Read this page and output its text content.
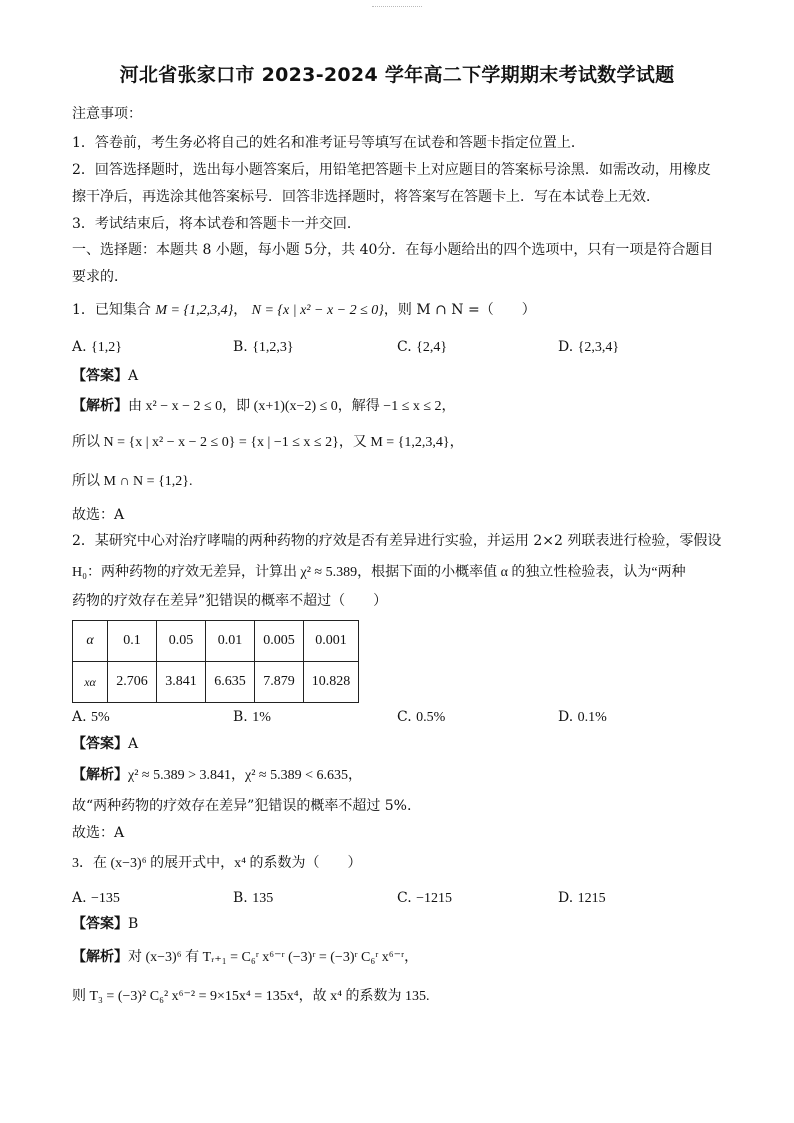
河北省张家口市 2023-2024 学年高二下学期期末考试数学试题
注意事项：
1．答卷前，考生务必将自己的姓名和准考证号等填写在试卷和答题卡指定位置上．
2．回答选择题时，选出每小题答案后，用铅笔把答题卡上对应题目的答案标号涂黑．如需改动，用橡皮
擦干净后，再选涂其他答案标号．回答非选择题时，将答案写在答题卡上．写在本试卷上无效．
3．考试结束后，将本试卷和答题卡一并交回．
一、选择题：本题共 8 小题，每小题 5分，共 40分．在每小题给出的四个选项中，只有一项是符合题目
要求的．
1．已知集合 M = {1,2,3,4}， N = {x | x² − x − 2 ≤ 0}，则 M ∩ N =（　　）
A. {1,2}	B. {1,2,3}	C. {2,4}	D. {2,3,4}
【答案】A
【解析】由 x² − x − 2 ≤ 0，即 (x+1)(x−2) ≤ 0，解得 −1 ≤ x ≤ 2，
所以 N = {x | x² − x − 2 ≤ 0} = {x | −1 ≤ x ≤ 2}，又 M = {1,2,3,4}，
所以 M ∩ N = {1,2}.
故选：A
2．某研究中心对治疗哮喘的两种药物的疗效是否有差异进行实验，并运用 2×2 列联表进行检验，零假设
H₀：两种药物的疗效无差异，计算出 χ² ≈ 5.389，根据下面的小概率值 α 的独立性检验表，认为“两种
药物的疗效存在差异”犯错误的概率不超过（　　）
α	0.1	0.05	0.01	0.005	0.001
xα	2.706	3.841	6.635	7.879	10.828
A. 5%	B. 1%	C. 0.5%	D. 0.1%
【答案】A
【解析】χ² ≈ 5.389 > 3.841，χ² ≈ 5.389 < 6.635，
故“两种药物的疗效存在差异”犯错误的概率不超过 5%.
故选：A
3．在 (x−3)⁶ 的展开式中，x⁴ 的系数为（　　）
A. −135	B. 135	C. −1215	D. 1215
【答案】B
【解析】对 (x−3)⁶ 有 Tᵣ₊₁ = C₆ʳ x⁶⁻ʳ (−3)ʳ = (−3)ʳ C₆ʳ x⁶⁻ʳ，
则 T₃ = (−3)² C₆² x⁶⁻² = 9×15x⁴ = 135x⁴，故 x⁴ 的系数为 135.
